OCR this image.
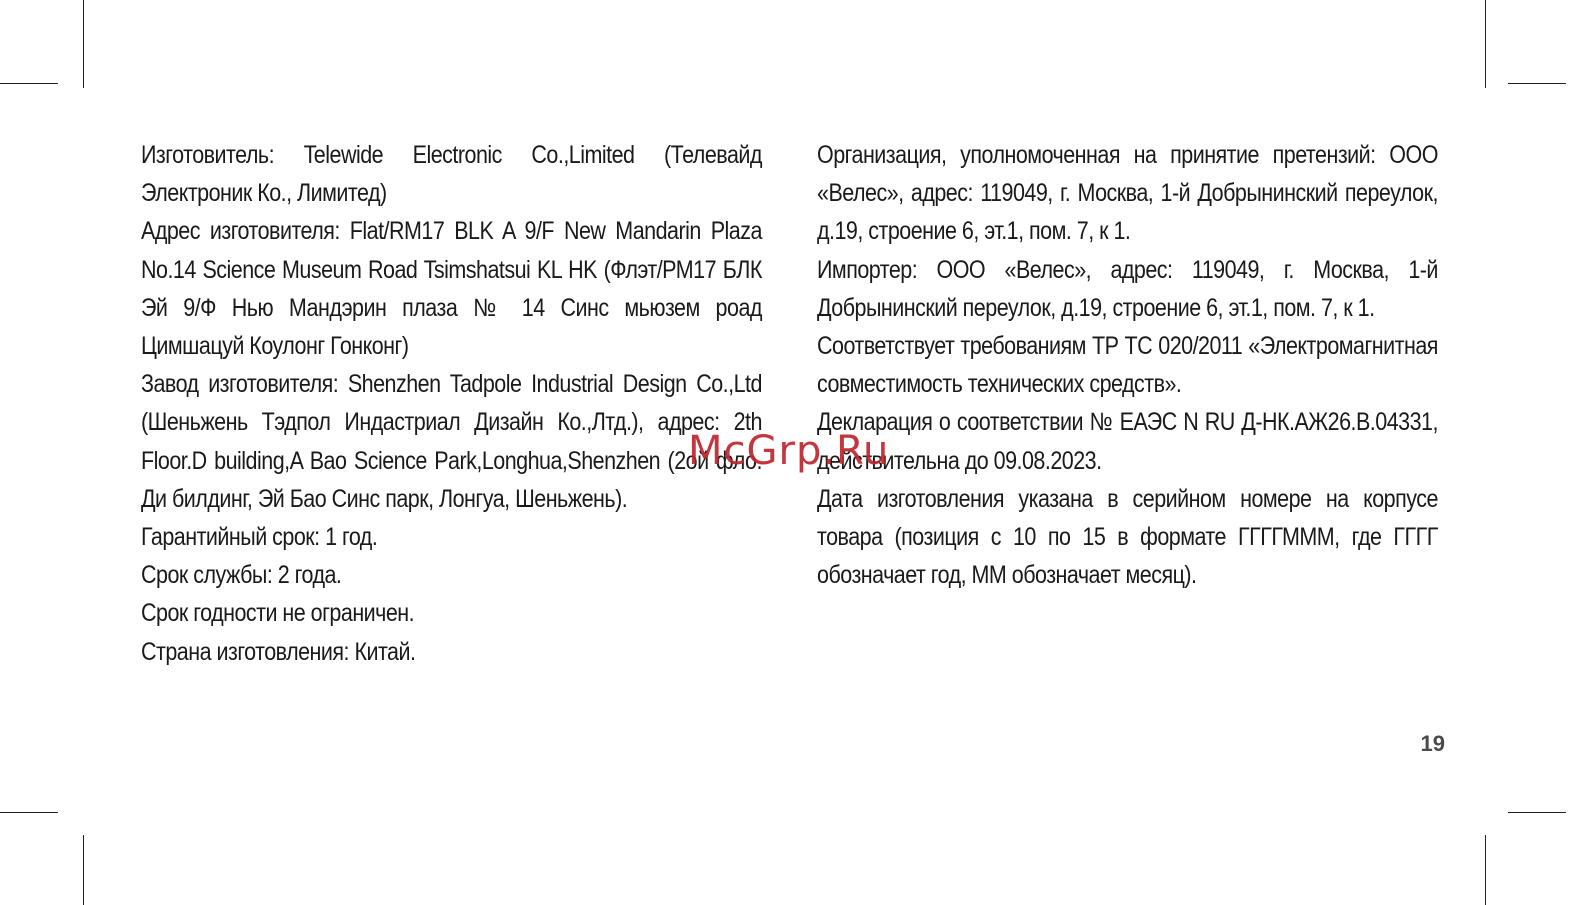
Изготовитель: Telewide Electronic Co.,Limited (Телевайд Электроник Ко., Лимитед)

Адрес изготовителя: Flat/RM17 BLK A 9/F New Mandarin Plaza No.14 Science Museum Road Tsimshatsui KL HK (Флэт/РМ17 БЛК Эй 9/Ф Нью Мандэрин плаза № 14 Синс мьюзем роад Цимшацуй Коулонг Гонконг)

Завод изготовителя: Shenzhen Tadpole Industrial Design Co.,Ltd (Шеньжень Тэдпол Индастриал Дизайн Ко.,Лтд.), адрес: 2th Floor.D building,A Bao Science Park,Longhua,Shenzhen (2ой фло. Ди билдинг, Эй Бао Синс парк, Лонгуа, Шеньжень).

Гарантийный срок: 1 год.

Срок службы: 2 года.

Срок годности не ограничен.

Страна изготовления: Китай.

Организация, уполномоченная на принятие претензий: ООО «Велес», адрес: 119049, г. Москва, 1-й Добрынинский переулок, д.19, строение 6, эт.1, пом. 7, к 1.

Импортер: ООО «Велес», адрес: 119049, г. Москва, 1-й Добрынинский переулок, д.19, строение 6, эт.1, пом. 7, к 1.

Соответствует требованиям ТР ТС 020/2011 «Электромагнитная совместимость технических средств».

Декларация о соответствии № ЕАЭС N RU Д-НК.АЖ26.В.04331, действительна до 09.08.2023.

Дата изготовления указана в серийном номере на корпусе товара (позиция с 10 по 15 в формате ГГГГМММ, где ГГГГ обозначает год, ММ обозначает месяц).

McGrp.Ru
19
